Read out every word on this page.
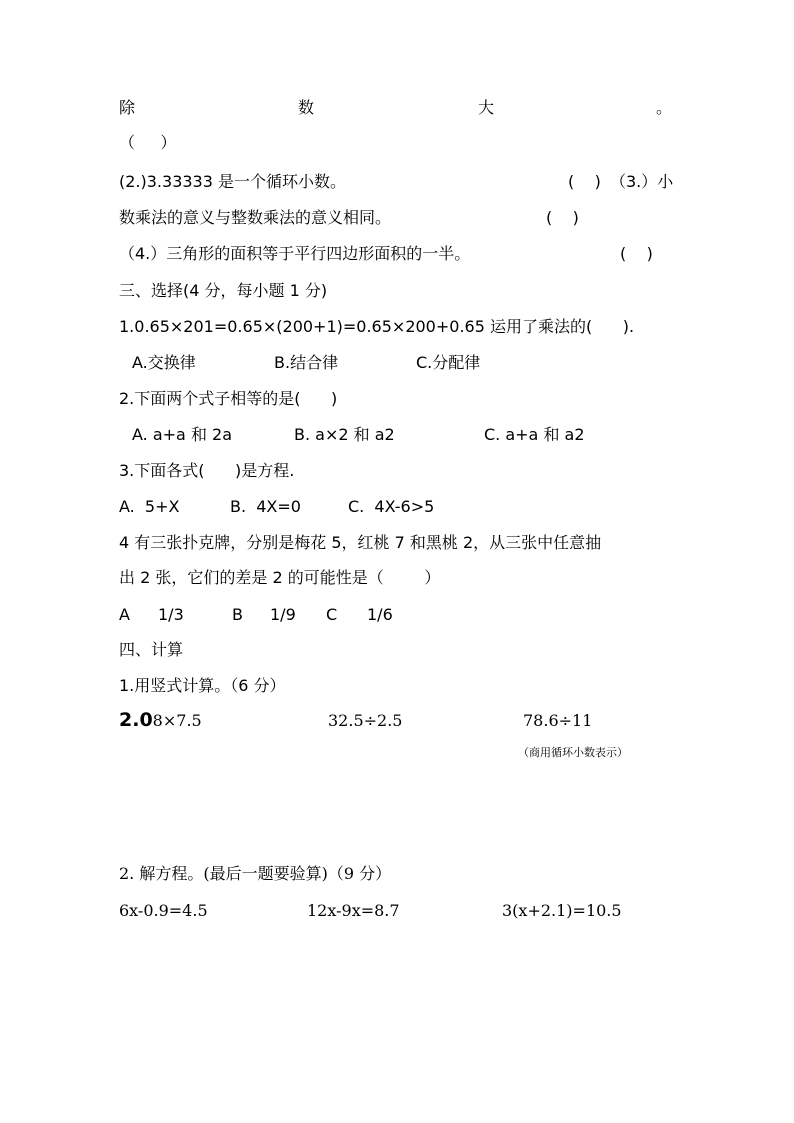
除	数	大	。
（     ）
(2.)3.33333 是一个循环小数。	(    ) （3.）小
数乘法的意义与整数乘法的意义相同。	(    )
（4.）三角形的面积等于平行四边形面积的一半。	(    )
三、选择(4 分，每小题 1 分)
1.0.65×201=0.65×(200+1)=0.65×200+0.65 运用了乘法的(      ).
A.交换律	B.结合律	C.分配律
2.下面两个式子相等的是(      )
A. a+a 和 2a	B. a×2 和 a2	C. a+a 和 a2
3.下面各式(      )是方程.
A.  5+X	B.  4X=0	C.  4X-6>5
4 有三张扑克牌，分别是梅花 5，红桃 7 和黑桃 2，从三张中任意抽
出 2 张，它们的差是 2 的可能性是（        ）
A 1/3	B 1/9 C 1/6
四、计算
1.用竖式计算。（6 分）
2.08×7.5	32.5÷2.5	78.6÷11
（商用循环小数表示）
2. 解方程。(最后一题要验算)（9 分）
6x-0.9=4.5	12x-9x=8.7	3(x+2.1)=10.5
